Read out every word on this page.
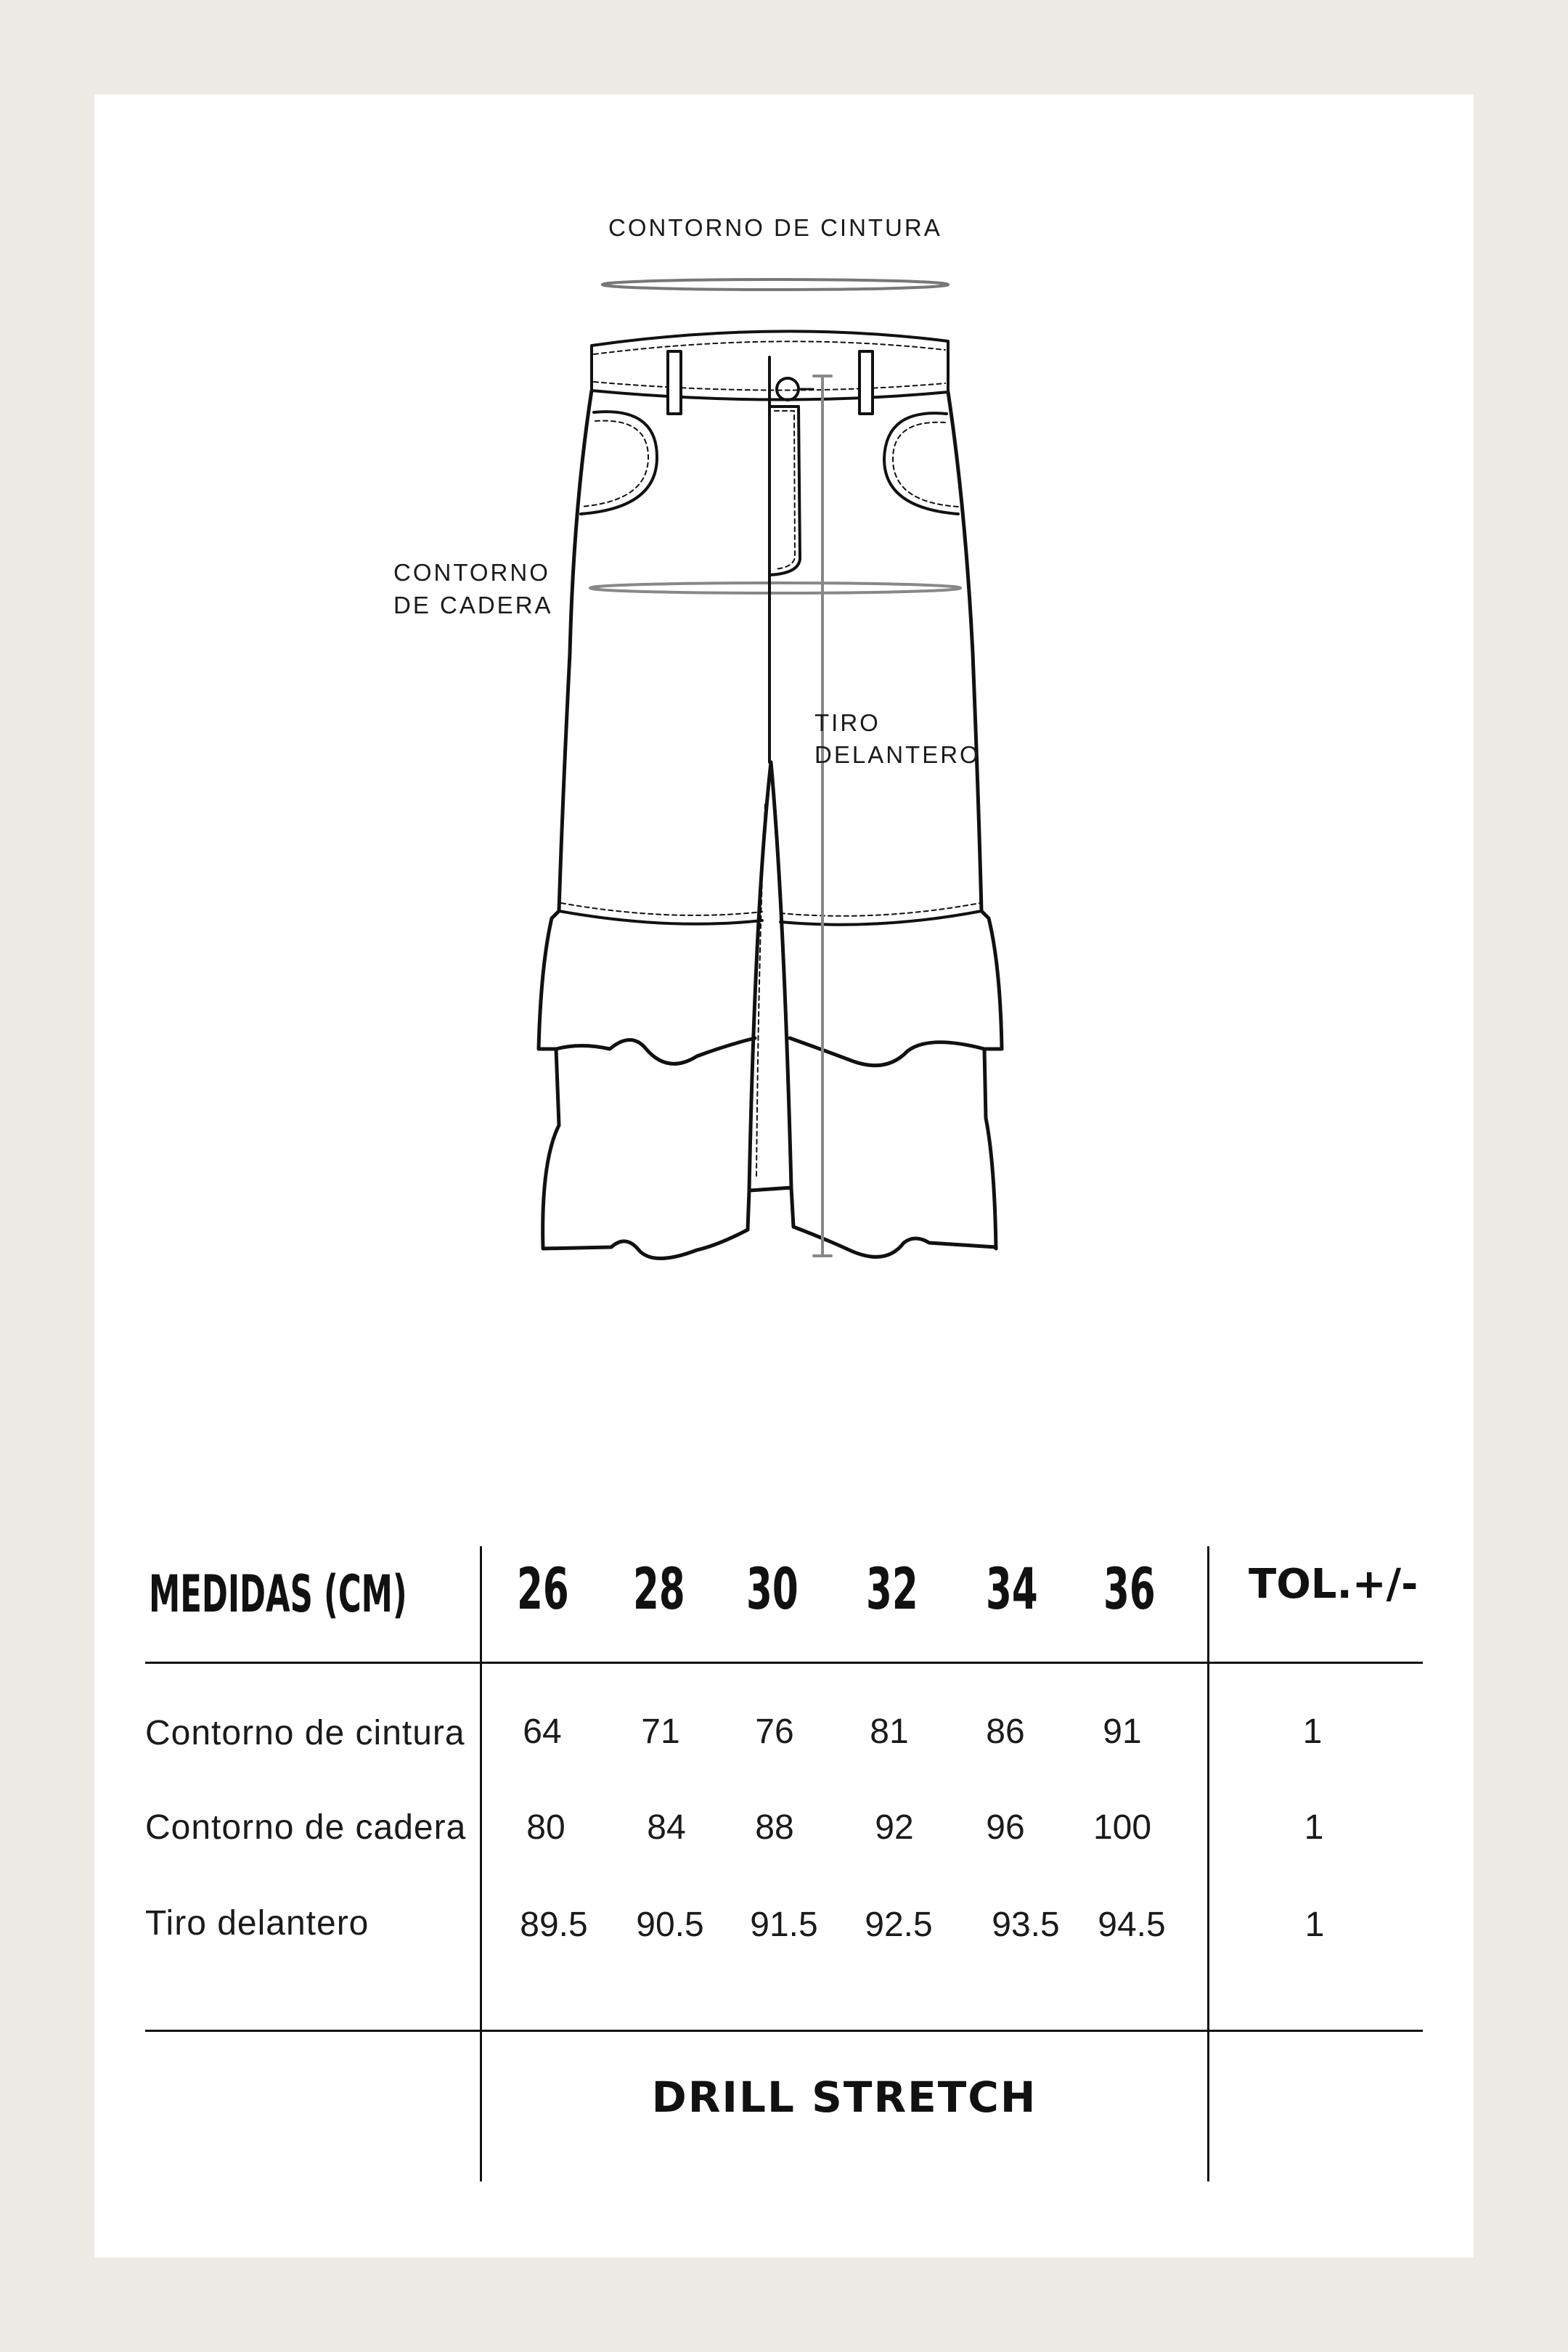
CONTORNO DE CINTURA
CONTORNO
DE CADERA
TIRO
DELANTERO
MEDIDAS (CM) 26 28 30 32 34 36 TOL.+/-
Contorno de cintura	64	71	76	81	86	91	1
Contorno de cadera	80	84	88	92	96	100	1
Tiro delantero	89.5	90.5	91.5	92.5	93.5	94.5	1
DRILL STRETCH
